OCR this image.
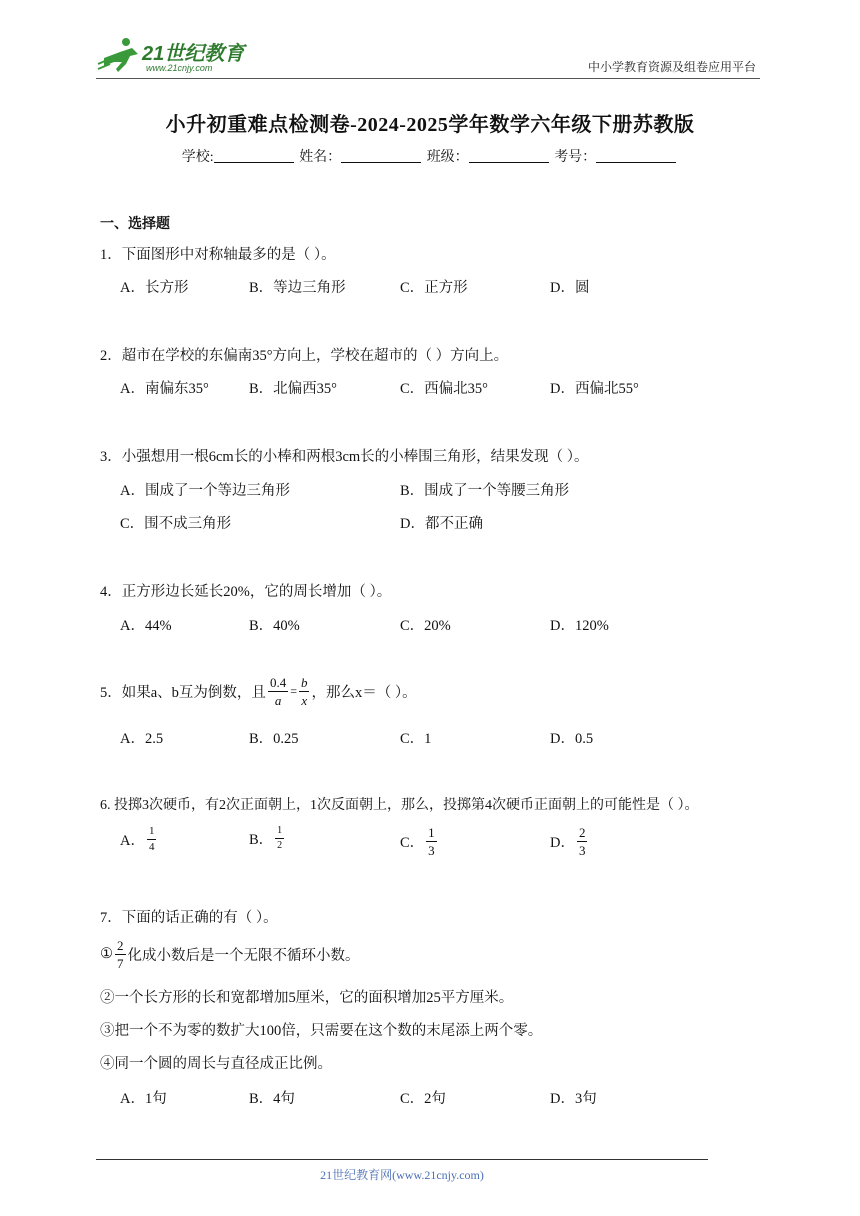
21世纪教育
www.21cnjy.com	中小学教育资源及组卷应用平台
小升初重难点检测卷-2024-2025学年数学六年级下册苏教版
学校:	姓名：	班级：	考号：
一、选择题
1．下面图形中对称轴最多的是（ ）。
A．长方形	B．等边三角形	C．正方形	D．圆
2．超市在学校的东偏南35°方向上，学校在超市的（ ）方向上。
A．南偏东35°	B．北偏西35°	C．西偏北35°	D．西偏北55°
3．小强想用一根6cm长的小棒和两根3cm长的小棒围三角形，结果发现（ ）。
A．围成了一个等边三角形	B．围成了一个等腰三角形
C．围不成三角形	D．都不正确
4．正方形边长延长20%，它的周长增加（ ）。
A．44%	B．40%	C．20%	D．120%
5．如果a、b互为倒数，且 $\frac{0.4}{a} = \frac{b}{x}$ ，那么x＝（ ）。
A．2.5	B．0.25	C．1	D．0.5
6. 投掷3次硬币，有2次正面朝上，1次反面朝上，那么，投掷第4次硬币正面朝上的可能性是（ ）。
A． $\frac{1}{4}$	B． $\frac{1}{2}$	C． $\frac{1}{3}$	D． $\frac{2}{3}$
7．下面的话正确的有（ ）。
① $\frac{2}{7}$ 化成小数后是一个无限不循环小数。
②一个长方形的长和宽都增加5厘米，它的面积增加25平方厘米。
③把一个不为零的数扩大100倍，只需要在这个数的末尾添上两个零。
④同一个圆的周长与直径成正比例。
A．1句	B．4句	C．2句	D．3句
21世纪教育网(www.21cnjy.com)
